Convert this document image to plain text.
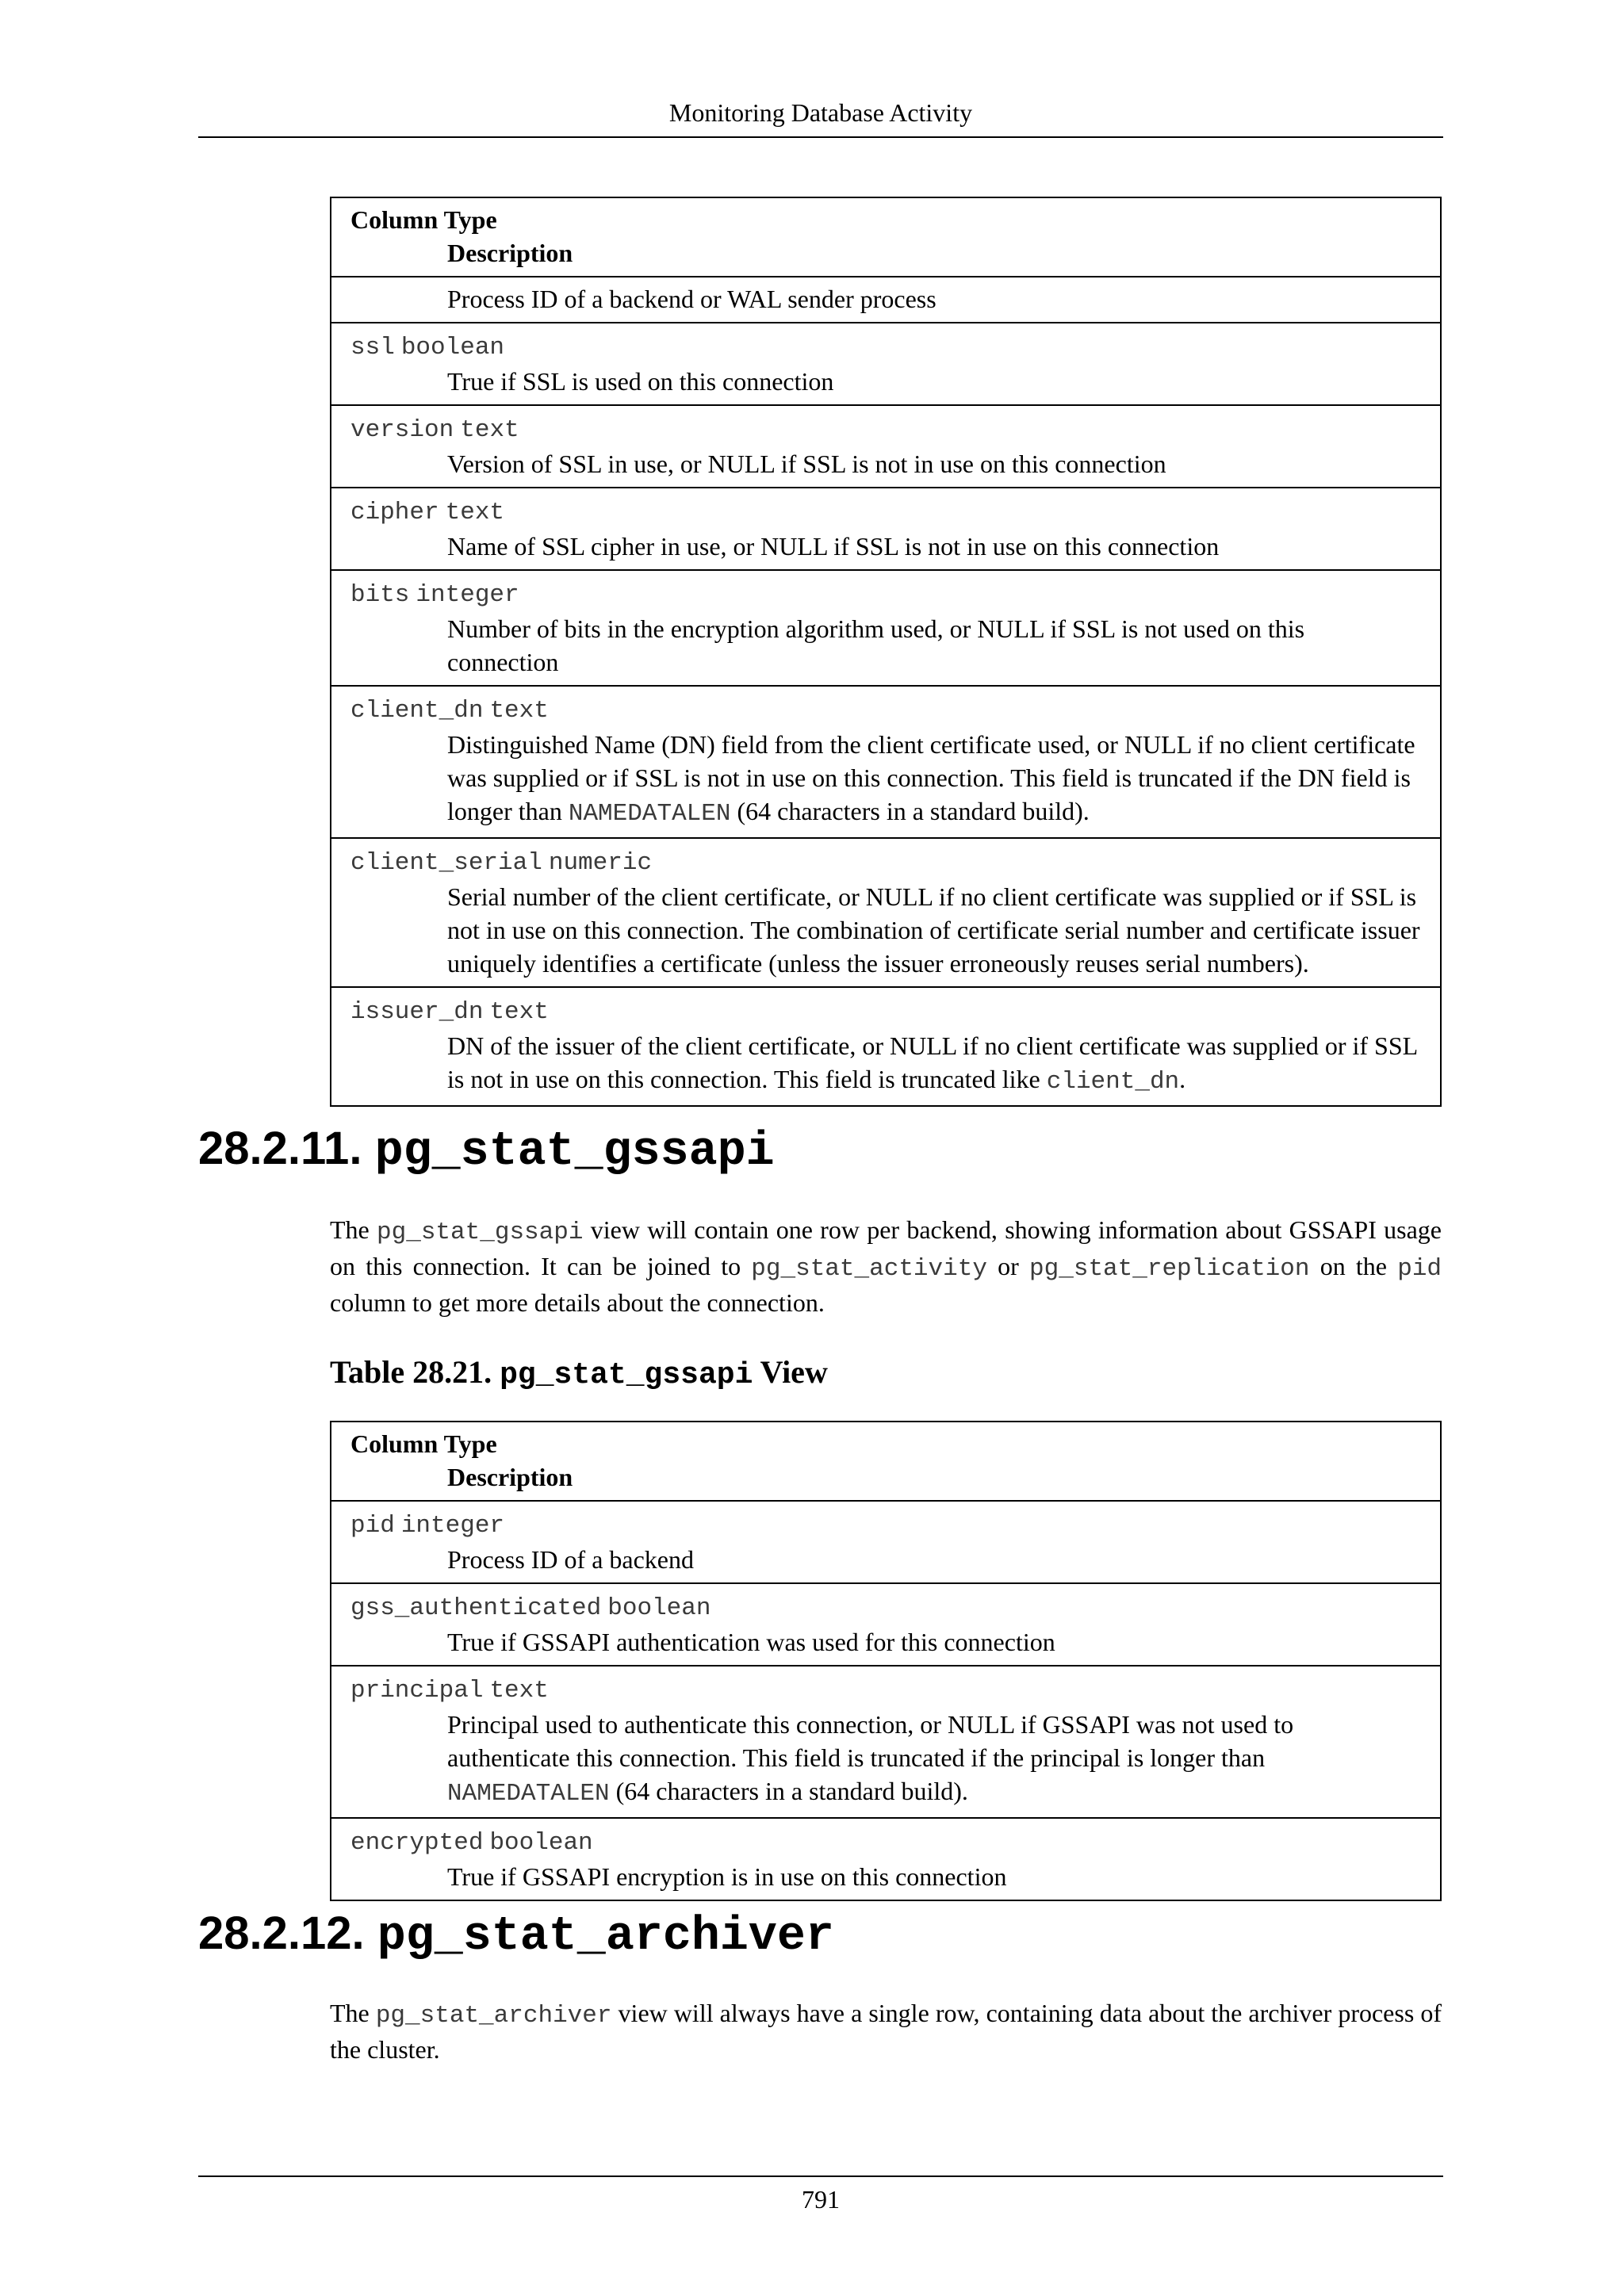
Monitoring Database Activity
Column Type
Description
Process ID of a backend or WAL sender process
ssl boolean
True if SSL is used on this connection
version text
Version of SSL in use, or NULL if SSL is not in use on this connection
cipher text
Name of SSL cipher in use, or NULL if SSL is not in use on this connection
bits integer
Number of bits in the encryption algorithm used, or NULL if SSL is not used on this connection
client_dn text
Distinguished Name (DN) field from the client certificate used, or NULL if no client certificate was supplied or if SSL is not in use on this connection. This field is truncated if the DN field is longer than NAMEDATALEN (64 characters in a standard build).
client_serial numeric
Serial number of the client certificate, or NULL if no client certificate was supplied or if SSL is not in use on this connection. The combination of certificate serial number and certificate issuer uniquely identifies a certificate (unless the issuer erroneously reuses serial numbers).
issuer_dn text
DN of the issuer of the client certificate, or NULL if no client certificate was supplied or if SSL is not in use on this connection. This field is truncated like client_dn.
28.2.11. pg_stat_gssapi
The pg_stat_gssapi view will contain one row per backend, showing information about GSSAPI usage on this connection. It can be joined to pg_stat_activity or pg_stat_replication on the pid column to get more details about the connection.
Table 28.21. pg_stat_gssapi View
Column Type
Description
pid integer
Process ID of a backend
gss_authenticated boolean
True if GSSAPI authentication was used for this connection
principal text
Principal used to authenticate this connection, or NULL if GSSAPI was not used to authenticate this connection. This field is truncated if the principal is longer than NAMEDATALEN (64 characters in a standard build).
encrypted boolean
True if GSSAPI encryption is in use on this connection
28.2.12. pg_stat_archiver
The pg_stat_archiver view will always have a single row, containing data about the archiver process of the cluster.
791
